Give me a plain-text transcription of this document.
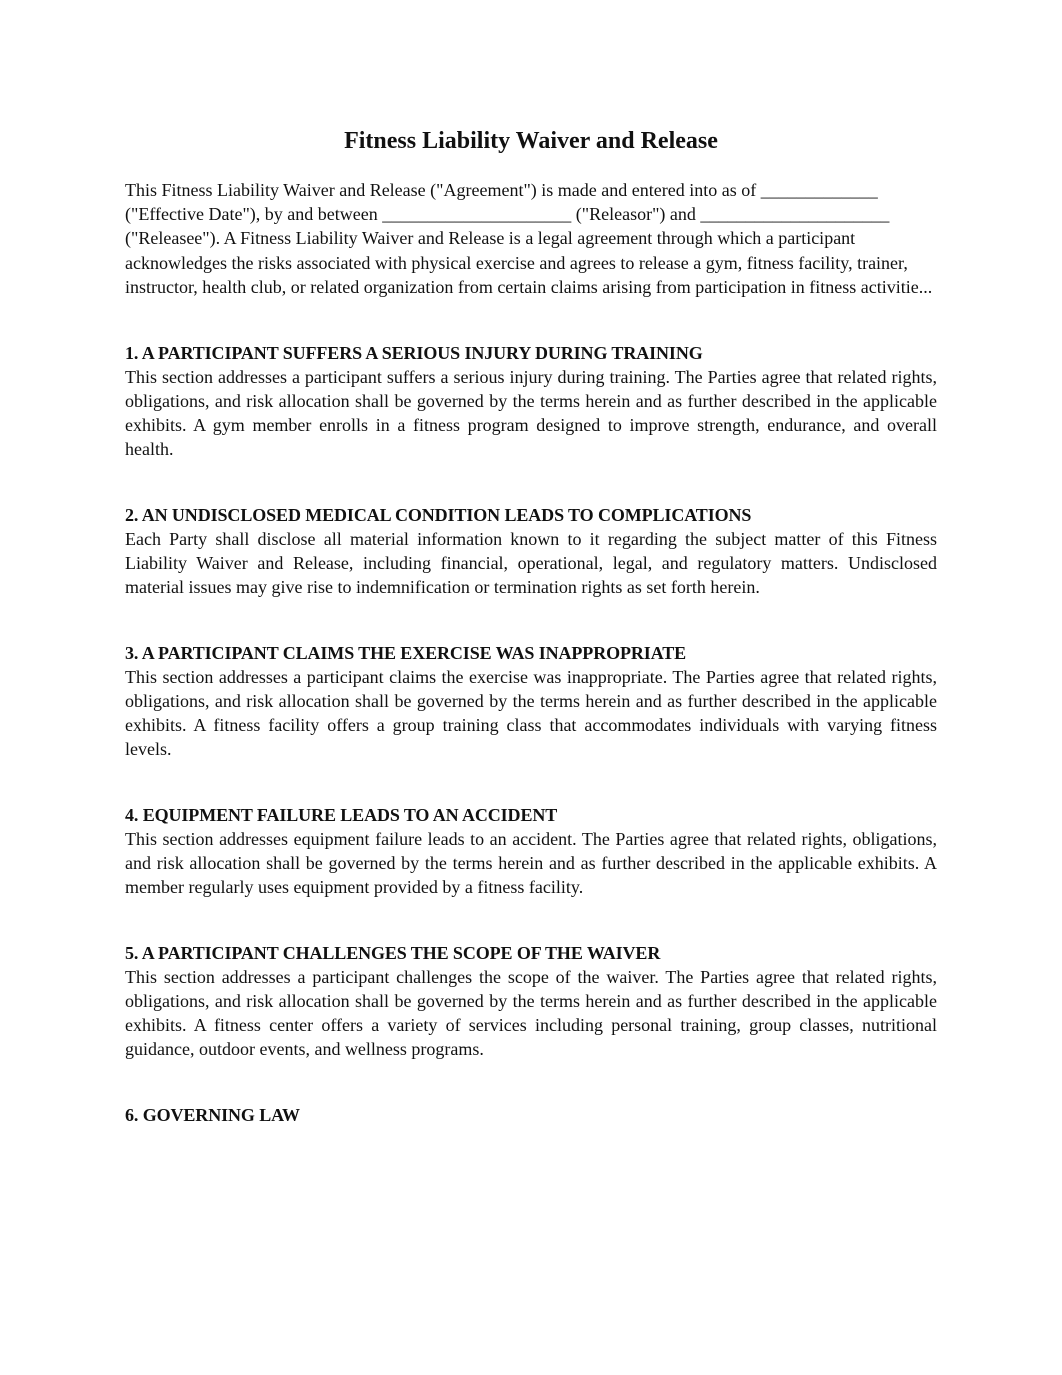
Fitness Liability Waiver and Release

This Fitness Liability Waiver and Release ("Agreement") is made and entered into as of _____________ ("Effective Date"), by and between _____________________ ("Releasor") and _____________________ ("Releasee"). A Fitness Liability Waiver and Release is a legal agreement through which a participant acknowledges the risks associated with physical exercise and agrees to release a gym, fitness facility, trainer, instructor, health club, or related organization from certain claims arising from participation in fitness activitie...

1. A PARTICIPANT SUFFERS A SERIOUS INJURY DURING TRAINING

This section addresses a participant suffers a serious injury during training. The Parties agree that related rights, obligations, and risk allocation shall be governed by the terms herein and as further described in the applicable exhibits. A gym member enrolls in a fitness program designed to improve strength, endurance, and overall health.

2. AN UNDISCLOSED MEDICAL CONDITION LEADS TO COMPLICATIONS

Each Party shall disclose all material information known to it regarding the subject matter of this Fitness Liability Waiver and Release, including financial, operational, legal, and regulatory matters. Undisclosed material issues may give rise to indemnification or termination rights as set forth herein.

3. A PARTICIPANT CLAIMS THE EXERCISE WAS INAPPROPRIATE

This section addresses a participant claims the exercise was inappropriate. The Parties agree that related rights, obligations, and risk allocation shall be governed by the terms herein and as further described in the applicable exhibits. A fitness facility offers a group training class that accommodates individuals with varying fitness levels.

4. EQUIPMENT FAILURE LEADS TO AN ACCIDENT

This section addresses equipment failure leads to an accident. The Parties agree that related rights, obligations, and risk allocation shall be governed by the terms herein and as further described in the applicable exhibits. A member regularly uses equipment provided by a fitness facility.

5. A PARTICIPANT CHALLENGES THE SCOPE OF THE WAIVER

This section addresses a participant challenges the scope of the waiver. The Parties agree that related rights, obligations, and risk allocation shall be governed by the terms herein and as further described in the applicable exhibits. A fitness center offers a variety of services including personal training, group classes, nutritional guidance, outdoor events, and wellness programs.

6. GOVERNING LAW
